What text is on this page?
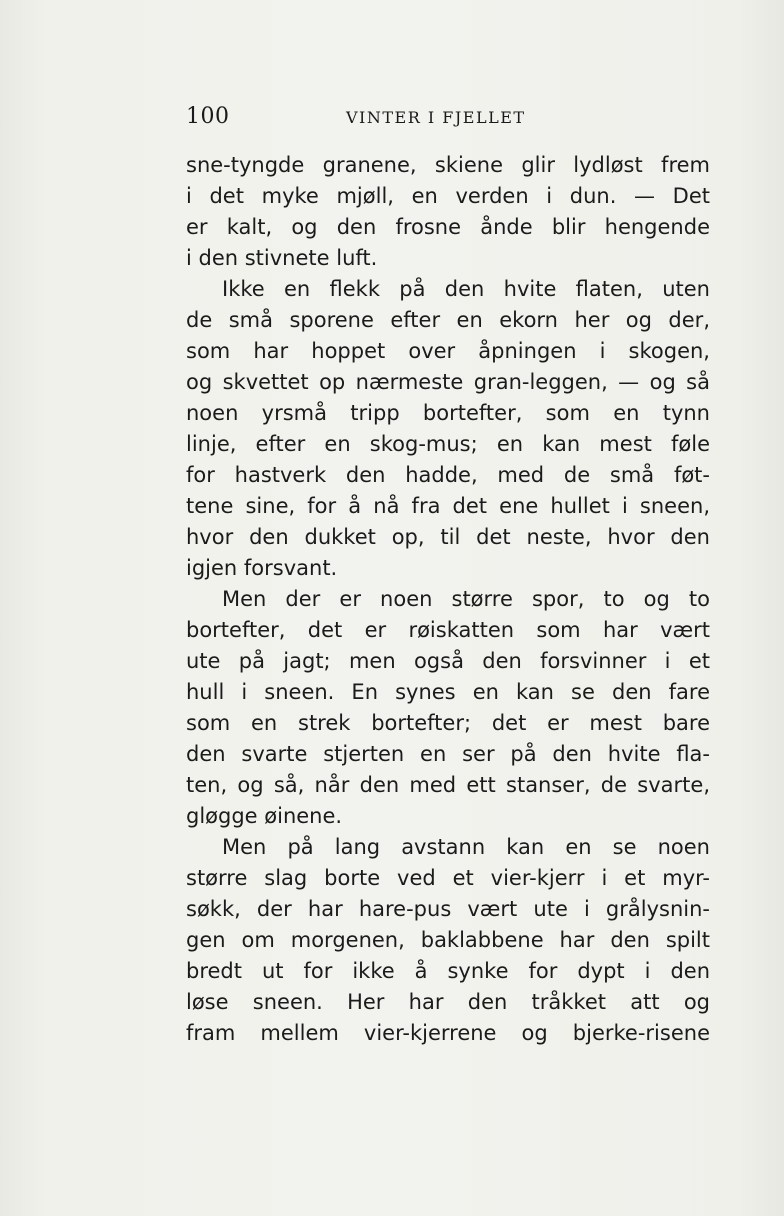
100	VINTER I FJELLET
sne-tyngde granene, skiene glir lydløst frem
i det myke mjøll, en verden i dun. — Det
er kalt, og den frosne ånde blir hengende
i den stivnete luft.
Ikke en flekk på den hvite flaten, uten
de små sporene efter en ekorn her og der,
som har hoppet over åpningen i skogen,
og skvettet op nærmeste gran-leggen, — og så
noen yrsmå tripp bortefter, som en tynn
linje, efter en skog-mus; en kan mest føle
for hastverk den hadde, med de små føt-
tene sine, for å nå fra det ene hullet i sneen,
hvor den dukket op, til det neste, hvor den
igjen forsvant.
Men der er noen større spor, to og to
bortefter, det er røiskatten som har vært
ute på jagt; men også den forsvinner i et
hull i sneen. En synes en kan se den fare
som en strek bortefter; det er mest bare
den svarte stjerten en ser på den hvite fla-
ten, og så, når den med ett stanser, de svarte,
gløgge øinene.
Men på lang avstann kan en se noen
større slag borte ved et vier-kjerr i et myr-
søkk, der har hare-pus vært ute i grålysnin-
gen om morgenen, baklabbene har den spilt
bredt ut for ikke å synke for dypt i den
løse sneen. Her har den tråkket att og
fram mellem vier-kjerrene og bjerke-risene
